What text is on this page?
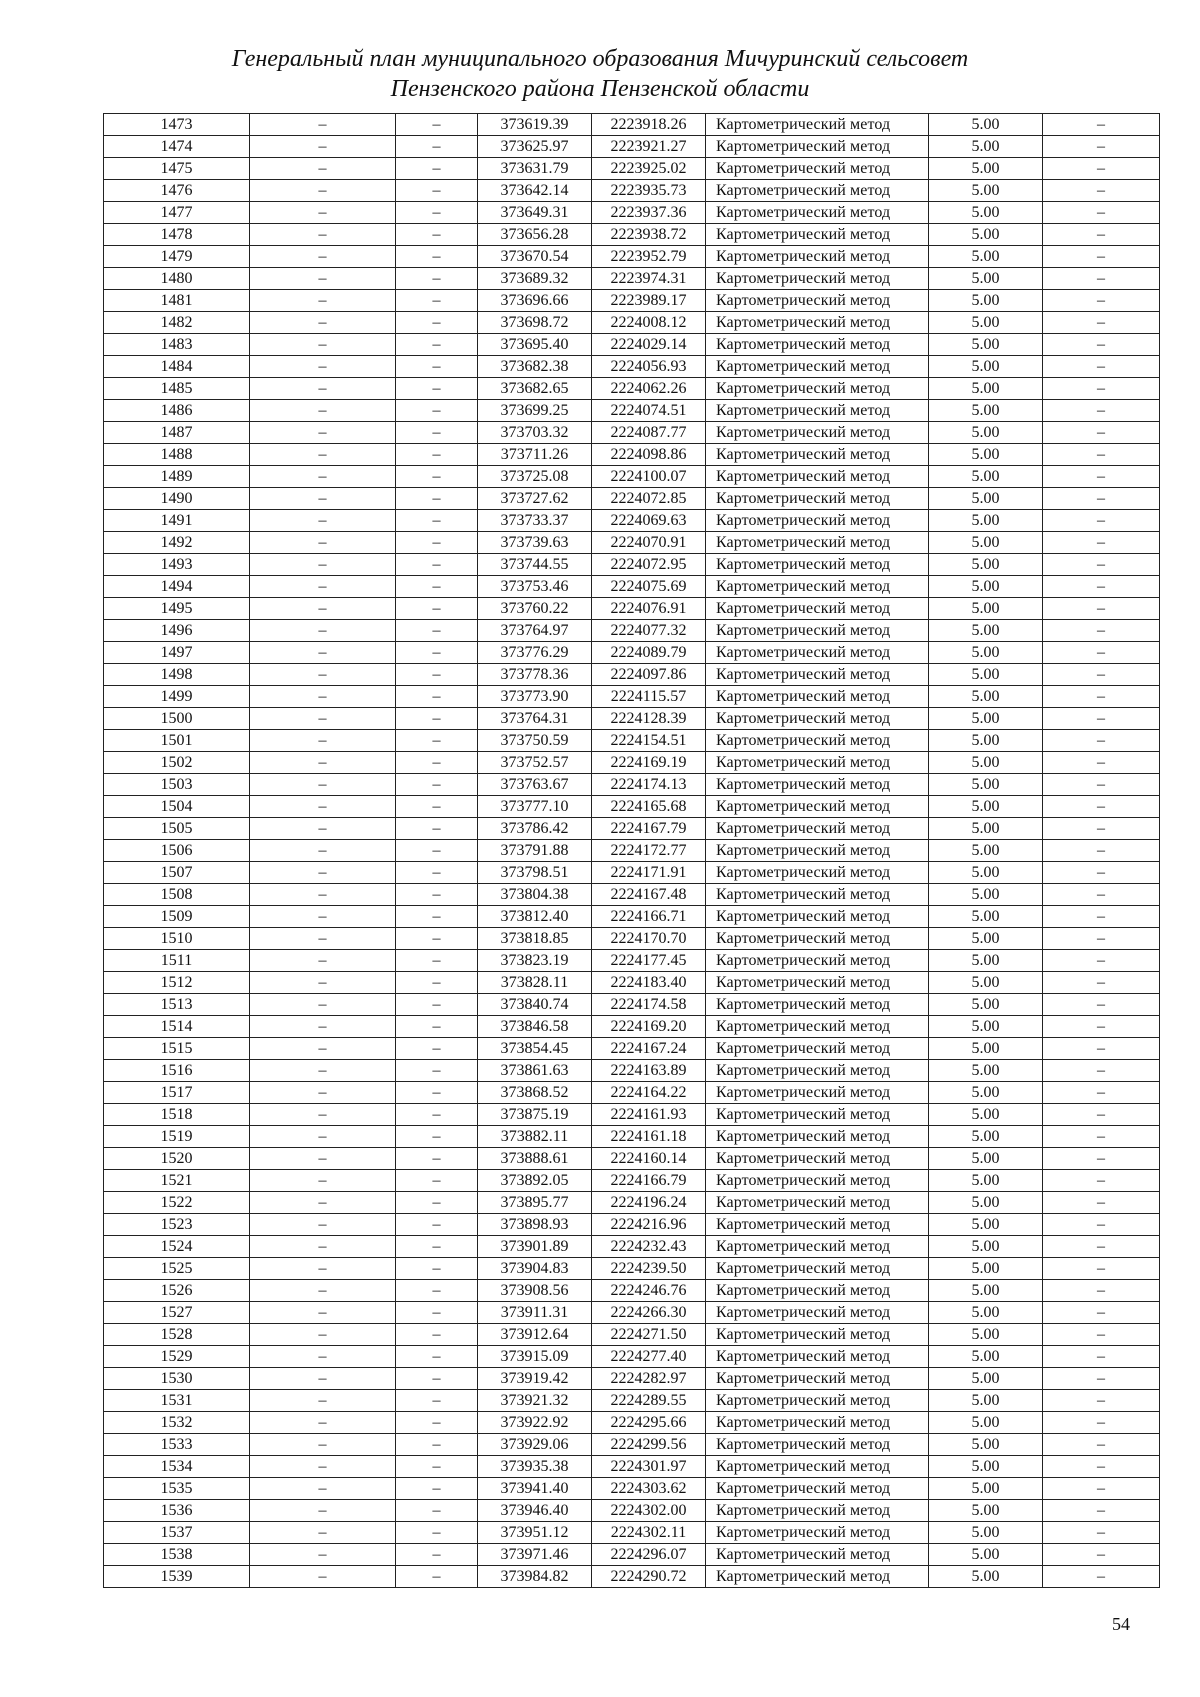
Генеральный план муниципального образования Мичуринский сельсовет
Пензенского района Пензенской области
1473	–	–	373619.39	2223918.26	Картометрический метод	5.00	–
1474	–	–	373625.97	2223921.27	Картометрический метод	5.00	–
1475	–	–	373631.79	2223925.02	Картометрический метод	5.00	–
1476	–	–	373642.14	2223935.73	Картометрический метод	5.00	–
1477	–	–	373649.31	2223937.36	Картометрический метод	5.00	–
1478	–	–	373656.28	2223938.72	Картометрический метод	5.00	–
1479	–	–	373670.54	2223952.79	Картометрический метод	5.00	–
1480	–	–	373689.32	2223974.31	Картометрический метод	5.00	–
1481	–	–	373696.66	2223989.17	Картометрический метод	5.00	–
1482	–	–	373698.72	2224008.12	Картометрический метод	5.00	–
1483	–	–	373695.40	2224029.14	Картометрический метод	5.00	–
1484	–	–	373682.38	2224056.93	Картометрический метод	5.00	–
1485	–	–	373682.65	2224062.26	Картометрический метод	5.00	–
1486	–	–	373699.25	2224074.51	Картометрический метод	5.00	–
1487	–	–	373703.32	2224087.77	Картометрический метод	5.00	–
1488	–	–	373711.26	2224098.86	Картометрический метод	5.00	–
1489	–	–	373725.08	2224100.07	Картометрический метод	5.00	–
1490	–	–	373727.62	2224072.85	Картометрический метод	5.00	–
1491	–	–	373733.37	2224069.63	Картометрический метод	5.00	–
1492	–	–	373739.63	2224070.91	Картометрический метод	5.00	–
1493	–	–	373744.55	2224072.95	Картометрический метод	5.00	–
1494	–	–	373753.46	2224075.69	Картометрический метод	5.00	–
1495	–	–	373760.22	2224076.91	Картометрический метод	5.00	–
1496	–	–	373764.97	2224077.32	Картометрический метод	5.00	–
1497	–	–	373776.29	2224089.79	Картометрический метод	5.00	–
1498	–	–	373778.36	2224097.86	Картометрический метод	5.00	–
1499	–	–	373773.90	2224115.57	Картометрический метод	5.00	–
1500	–	–	373764.31	2224128.39	Картометрический метод	5.00	–
1501	–	–	373750.59	2224154.51	Картометрический метод	5.00	–
1502	–	–	373752.57	2224169.19	Картометрический метод	5.00	–
1503	–	–	373763.67	2224174.13	Картометрический метод	5.00	–
1504	–	–	373777.10	2224165.68	Картометрический метод	5.00	–
1505	–	–	373786.42	2224167.79	Картометрический метод	5.00	–
1506	–	–	373791.88	2224172.77	Картометрический метод	5.00	–
1507	–	–	373798.51	2224171.91	Картометрический метод	5.00	–
1508	–	–	373804.38	2224167.48	Картометрический метод	5.00	–
1509	–	–	373812.40	2224166.71	Картометрический метод	5.00	–
1510	–	–	373818.85	2224170.70	Картометрический метод	5.00	–
1511	–	–	373823.19	2224177.45	Картометрический метод	5.00	–
1512	–	–	373828.11	2224183.40	Картометрический метод	5.00	–
1513	–	–	373840.74	2224174.58	Картометрический метод	5.00	–
1514	–	–	373846.58	2224169.20	Картометрический метод	5.00	–
1515	–	–	373854.45	2224167.24	Картометрический метод	5.00	–
1516	–	–	373861.63	2224163.89	Картометрический метод	5.00	–
1517	–	–	373868.52	2224164.22	Картометрический метод	5.00	–
1518	–	–	373875.19	2224161.93	Картометрический метод	5.00	–
1519	–	–	373882.11	2224161.18	Картометрический метод	5.00	–
1520	–	–	373888.61	2224160.14	Картометрический метод	5.00	–
1521	–	–	373892.05	2224166.79	Картометрический метод	5.00	–
1522	–	–	373895.77	2224196.24	Картометрический метод	5.00	–
1523	–	–	373898.93	2224216.96	Картометрический метод	5.00	–
1524	–	–	373901.89	2224232.43	Картометрический метод	5.00	–
1525	–	–	373904.83	2224239.50	Картометрический метод	5.00	–
1526	–	–	373908.56	2224246.76	Картометрический метод	5.00	–
1527	–	–	373911.31	2224266.30	Картометрический метод	5.00	–
1528	–	–	373912.64	2224271.50	Картометрический метод	5.00	–
1529	–	–	373915.09	2224277.40	Картометрический метод	5.00	–
1530	–	–	373919.42	2224282.97	Картометрический метод	5.00	–
1531	–	–	373921.32	2224289.55	Картометрический метод	5.00	–
1532	–	–	373922.92	2224295.66	Картометрический метод	5.00	–
1533	–	–	373929.06	2224299.56	Картометрический метод	5.00	–
1534	–	–	373935.38	2224301.97	Картометрический метод	5.00	–
1535	–	–	373941.40	2224303.62	Картометрический метод	5.00	–
1536	–	–	373946.40	2224302.00	Картометрический метод	5.00	–
1537	–	–	373951.12	2224302.11	Картометрический метод	5.00	–
1538	–	–	373971.46	2224296.07	Картометрический метод	5.00	–
1539	–	–	373984.82	2224290.72	Картометрический метод	5.00	–
54
